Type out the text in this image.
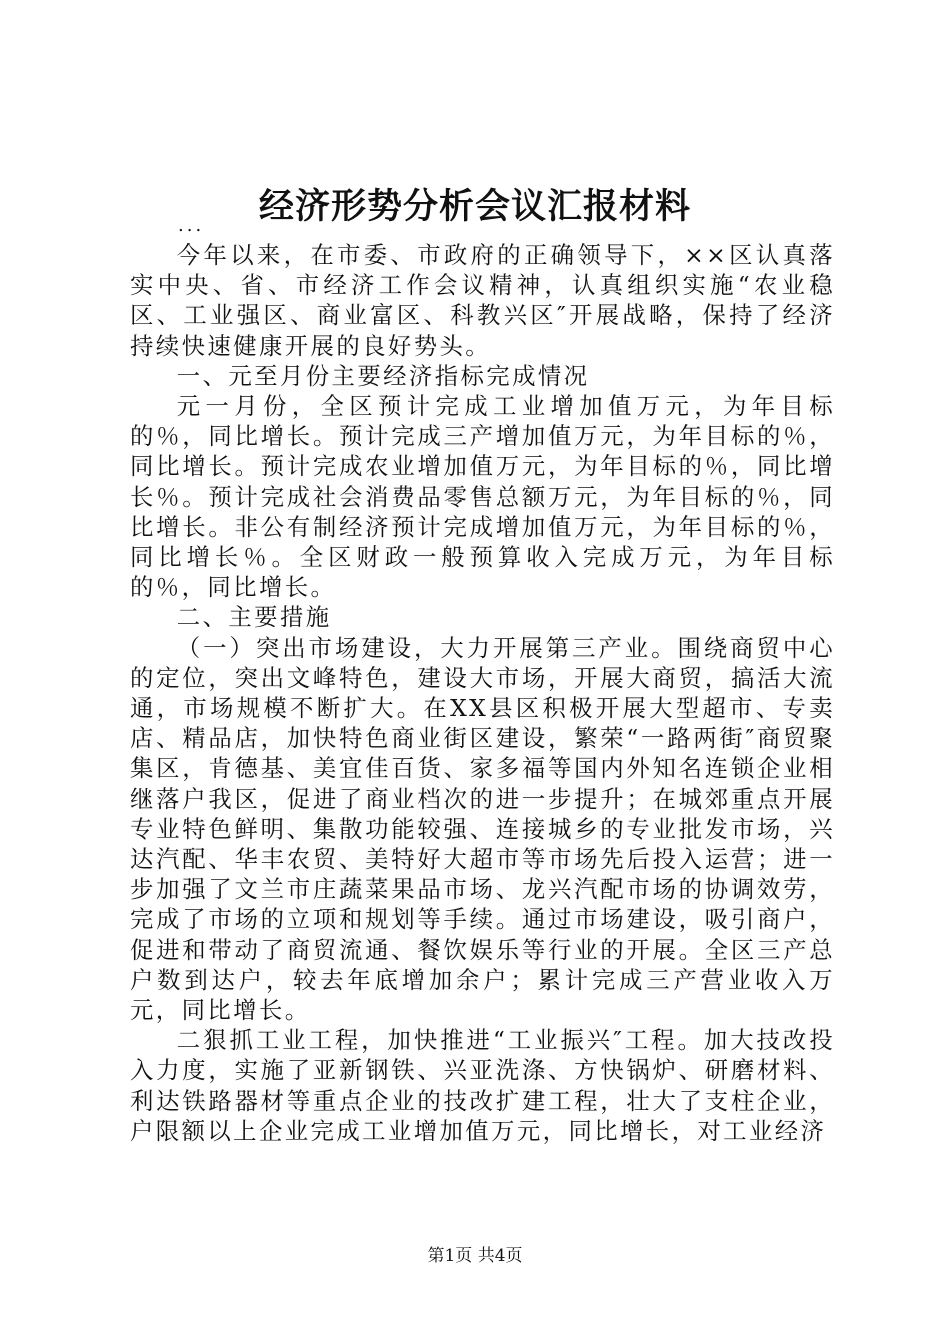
经济形势分析会议汇报材料
...

今年以来，在市委、市政府的正确领导下，××区认真落实中央、省、市经济工作会议精神，认真组织实施“农业稳区、工业强区、商业富区、科教兴区″开展战略，保持了经济持续快速健康开展的良好势头。

一、元至月份主要经济指标完成情况

元一月份，全区预计完成工业增加值万元，为年目标的％，同比增长。预计完成三产增加值万元，为年目标的％，同比增长。预计完成农业增加值万元，为年目标的％，同比增长％。预计完成社会消费品零售总额万元，为年目标的％，同比增长。非公有制经济预计完成增加值万元，为年目标的％，同比增长％。全区财政一般预算收入完成万元，为年目标的％，同比增长。

二、主要措施

（一）突出市场建设，大力开展第三产业。围绕商贸中心的定位，突出文峰特色，建设大市场，开展大商贸，搞活大流通，市场规模不断扩大。在XX县区积极开展大型超市、专卖店、精品店，加快特色商业街区建设，繁荣“一路两街″商贸聚集区，肯德基、美宜佳百货、家多福等国内外知名连锁企业相继落户我区，促进了商业档次的进一步提升；在城郊重点开展专业特色鲜明、集散功能较强、连接城乡的专业批发市场，兴达汽配、华丰农贸、美特好大超市等市场先后投入运营；进一步加强了文兰市庄蔬菜果品市场、龙兴汽配市场的协调效劳，完成了市场的立项和规划等手续。通过市场建设，吸引商户，促进和带动了商贸流通、餐饮娱乐等行业的开展。全区三产总户数到达户，较去年底增加余户；累计完成三产营业收入万元，同比增长。

二狠抓工业工程，加快推进“工业振兴″工程。加大技改投入力度，实施了亚新钢铁、兴亚洗涤、方快锅炉、研磨材料、利达铁路器材等重点企业的技改扩建工程，壮大了支柱企业，户限额以上企业完成工业增加值万元，同比增长，对工业经济

第1页 共4页
